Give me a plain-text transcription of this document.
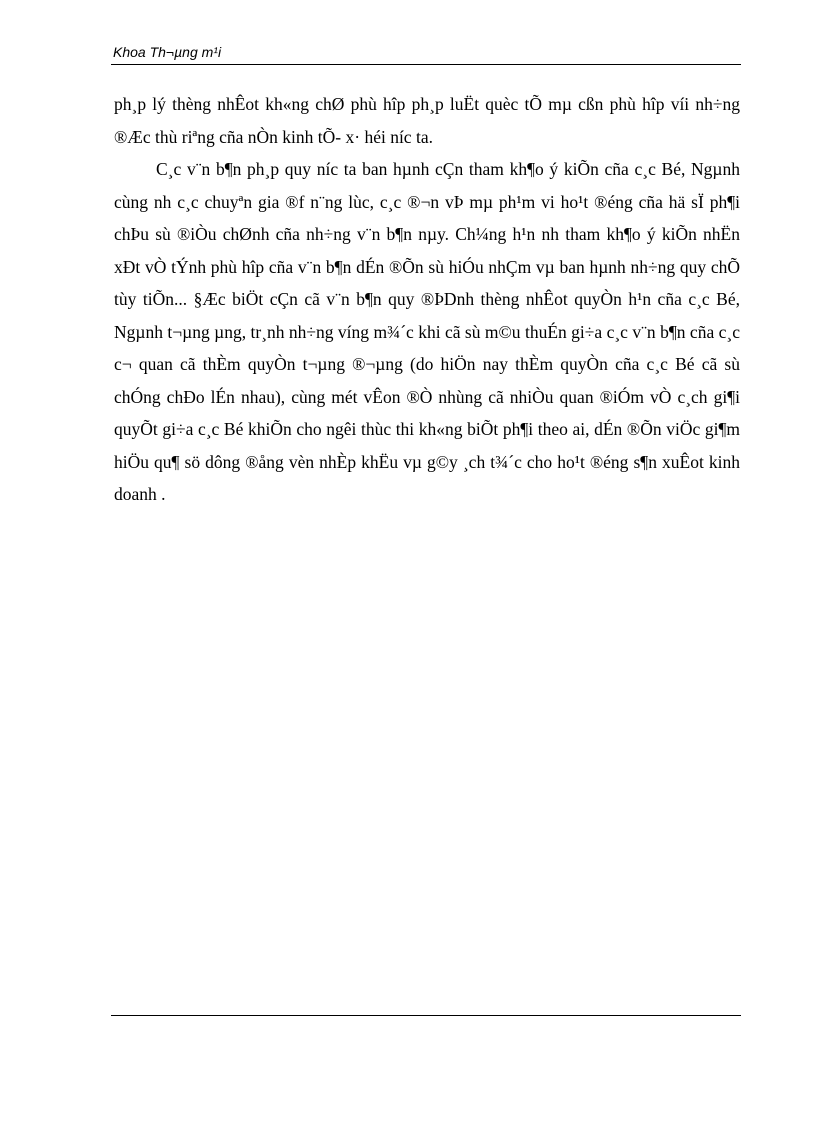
Khoa Th¬µng m¹i

ph¸p lý thèng nhÊot kh«ng chØ phù hîp ph¸p luËt quèc tÕ mµ cßn phù hîp víi nh÷ng ®Æc thù riªng cña nÒn kinh tÕ- x· héi níc ta.

C¸c v¨n b¶n ph¸p quy níc ta ban hµnh cÇn tham kh¶o ý kiÕn cña c¸c Bé, Ngµnh cùng nh c¸c chuyªn gia ®f n¨ng lùc, c¸c ®¬n vÞ mµ ph¹m vi ho¹t ®éng cña hä sÏ ph¶i chÞu sù ®iÒu chØnh cña nh÷ng v¨n b¶n nµy. Ch¼ng h¹n nh tham kh¶o ý kiÕn nhËn xÐt vÒ tÝnh phù hîp cña v¨n b¶n dÉn ®Õn sù hiÓu nhÇm vµ ban hµnh nh÷ng quy chÕ tùy tiÕn... §Æc biÖt cÇn cã v¨n b¶n quy ®ÞDnh thèng nhÊot quyÒn h¹n cña c¸c Bé, Ngµnh t¬µng µng, tr¸nh nh÷ng víng m¾´c khi cã sù m©u thuÉn gi÷a c¸c v¨n b¶n cña c¸c c¬ quan cã thÈm quyÒn t¬µng ®¬µng (do hiÖn nay thÈm quyÒn cña c¸c Bé cã sù chÓng chÐo lÉn nhau), cùng mét vÊon ®Ò nhùng cã nhiÒu quan ®iÓm vÒ c¸ch gi¶i quyÕt gi÷a c¸c Bé khiÕn cho ngêi thùc thi kh«ng biÕt ph¶i theo ai, dÉn ®Õn viÖc gi¶m hiÖu qu¶ sö dông ®ång vèn nhÈp khËu vµ g©y ¸ch t¾´c cho ho¹t ®éng s¶n xuÊot kinh doanh .
